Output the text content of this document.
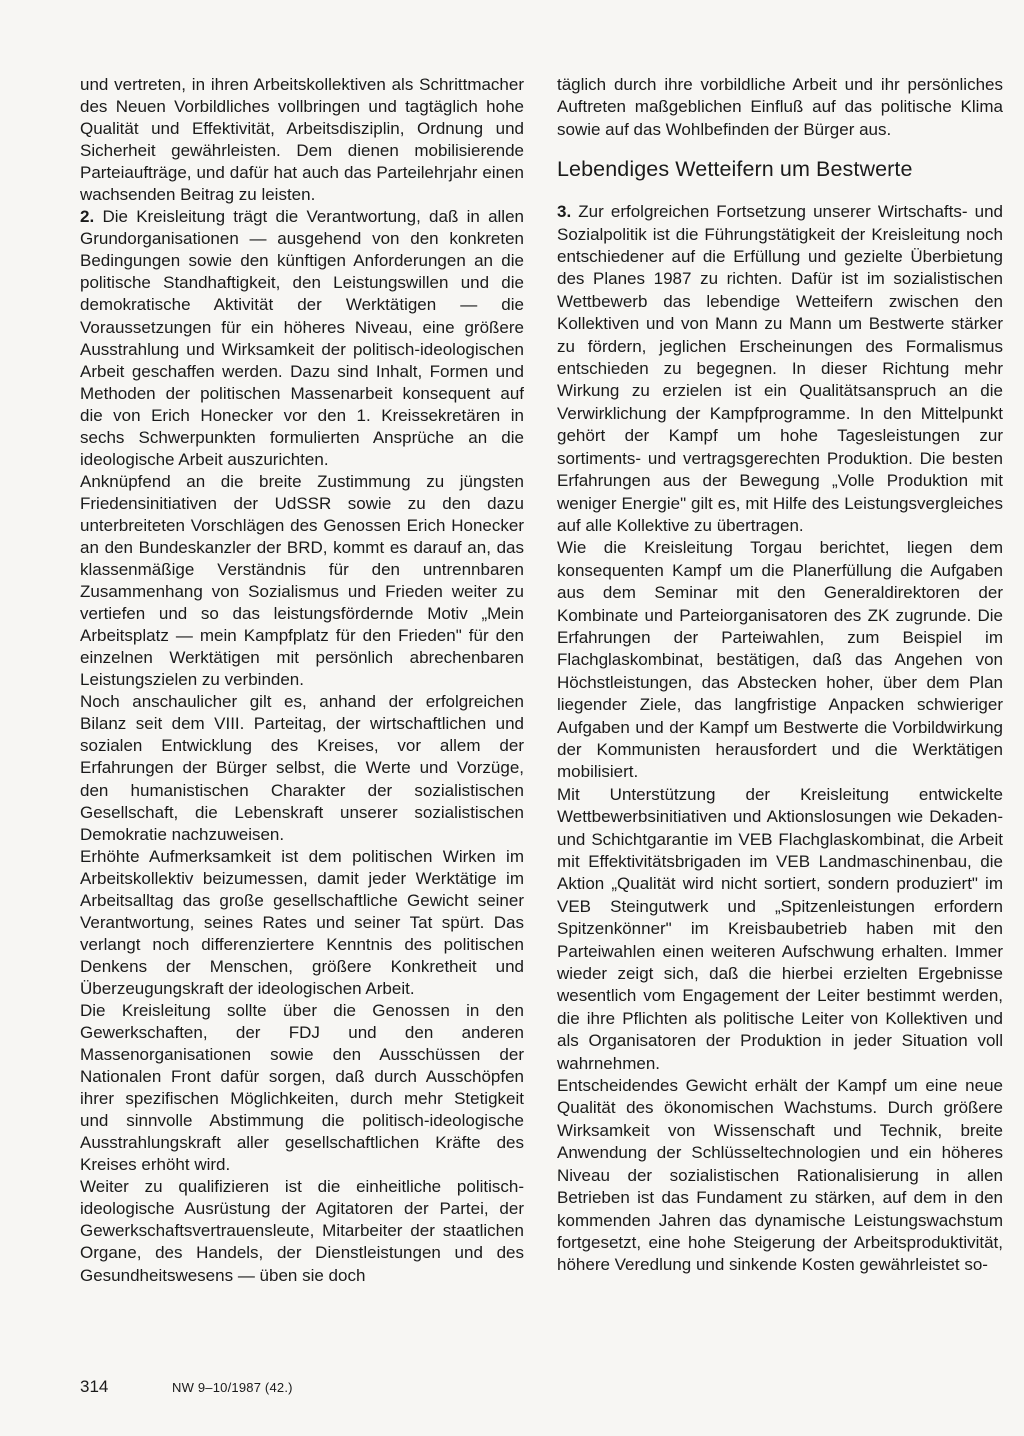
und vertreten, in ihren Arbeitskollektiven als Schrittmacher des Neuen Vorbildliches vollbringen und tagtäglich hohe Qualität und Effektivität, Arbeitsdisziplin, Ordnung und Sicherheit gewährleisten. Dem dienen mobilisierende Parteiaufträge, und dafür hat auch das Parteilehrjahr einen wachsenden Beitrag zu leisten.

2. Die Kreisleitung trägt die Verantwortung, daß in allen Grundorganisationen — ausgehend von den konkreten Bedingungen sowie den künftigen Anforderungen an die politische Standhaftigkeit, den Leistungswillen und die demokratische Aktivität der Werktätigen — die Voraussetzungen für ein höheres Niveau, eine größere Ausstrahlung und Wirksamkeit der politisch-ideologischen Arbeit geschaffen werden. Dazu sind Inhalt, Formen und Methoden der politischen Massenarbeit konsequent auf die von Erich Honecker vor den 1. Kreissekretären in sechs Schwerpunkten formulierten Ansprüche an die ideologische Arbeit auszurichten.

Anknüpfend an die breite Zustimmung zu jüngsten Friedensinitiativen der UdSSR sowie zu den dazu unterbreiteten Vorschlägen des Genossen Erich Honecker an den Bundeskanzler der BRD, kommt es darauf an, das klassenmäßige Verständnis für den untrennbaren Zusammenhang von Sozialismus und Frieden weiter zu vertiefen und so das leistungsfördernde Motiv „Mein Arbeitsplatz — mein Kampfplatz für den Frieden" für den einzelnen Werktätigen mit persönlich abrechenbaren Leistungszielen zu verbinden.

Noch anschaulicher gilt es, anhand der erfolgreichen Bilanz seit dem VIII. Parteitag, der wirtschaftlichen und sozialen Entwicklung des Kreises, vor allem der Erfahrungen der Bürger selbst, die Werte und Vorzüge, den humanistischen Charakter der sozialistischen Gesellschaft, die Lebenskraft unserer sozialistischen Demokratie nachzuweisen.

Erhöhte Aufmerksamkeit ist dem politischen Wirken im Arbeitskollektiv beizumessen, damit jeder Werktätige im Arbeitsalltag das große gesellschaftliche Gewicht seiner Verantwortung, seines Rates und seiner Tat spürt. Das verlangt noch differenziertere Kenntnis des politischen Denkens der Menschen, größere Konkretheit und Überzeugungskraft der ideologischen Arbeit.

Die Kreisleitung sollte über die Genossen in den Gewerkschaften, der FDJ und den anderen Massenorganisationen sowie den Ausschüssen der Nationalen Front dafür sorgen, daß durch Ausschöpfen ihrer spezifischen Möglichkeiten, durch mehr Stetigkeit und sinnvolle Abstimmung die politisch-ideologische Ausstrahlungskraft aller gesellschaftlichen Kräfte des Kreises erhöht wird.

Weiter zu qualifizieren ist die einheitliche politisch-ideologische Ausrüstung der Agitatoren der Partei, der Gewerkschaftsvertrauensleute, Mitarbeiter der staatlichen Organe, des Handels, der Dienstleistungen und des Gesundheitswesens — üben sie doch

täglich durch ihre vorbildliche Arbeit und ihr persönliches Auftreten maßgeblichen Einfluß auf das politische Klima sowie auf das Wohlbefinden der Bürger aus.

Lebendiges Wetteifern um Bestwerte

3. Zur erfolgreichen Fortsetzung unserer Wirtschafts- und Sozialpolitik ist die Führungstätigkeit der Kreisleitung noch entschiedener auf die Erfüllung und gezielte Überbietung des Planes 1987 zu richten. Dafür ist im sozialistischen Wettbewerb das lebendige Wetteifern zwischen den Kollektiven und von Mann zu Mann um Bestwerte stärker zu fördern, jeglichen Erscheinungen des Formalismus entschieden zu begegnen. In dieser Richtung mehr Wirkung zu erzielen ist ein Qualitätsanspruch an die Verwirklichung der Kampfprogramme. In den Mittelpunkt gehört der Kampf um hohe Tagesleistungen zur sortiments- und vertragsgerechten Produktion. Die besten Erfahrungen aus der Bewegung „Volle Produktion mit weniger Energie" gilt es, mit Hilfe des Leistungsvergleiches auf alle Kollektive zu übertragen.

Wie die Kreisleitung Torgau berichtet, liegen dem konsequenten Kampf um die Planerfüllung die Aufgaben aus dem Seminar mit den Generaldirektoren der Kombinate und Parteiorganisatoren des ZK zugrunde. Die Erfahrungen der Parteiwahlen, zum Beispiel im Flachglaskombinat, bestätigen, daß das Angehen von Höchstleistungen, das Abstecken hoher, über dem Plan liegender Ziele, das langfristige Anpacken schwieriger Aufgaben und der Kampf um Bestwerte die Vorbildwirkung der Kommunisten herausfordert und die Werktätigen mobilisiert.

Mit Unterstützung der Kreisleitung entwickelte Wettbewerbsinitiativen und Aktionslosungen wie Dekaden- und Schichtgarantie im VEB Flachglaskombinat, die Arbeit mit Effektivitätsbrigaden im VEB Landmaschinenbau, die Aktion „Qualität wird nicht sortiert, sondern produziert" im VEB Steingutwerk und „Spitzenleistungen erfordern Spitzenkönner" im Kreisbaubetrieb haben mit den Parteiwahlen einen weiteren Aufschwung erhalten. Immer wieder zeigt sich, daß die hierbei erzielten Ergebnisse wesentlich vom Engagement der Leiter bestimmt werden, die ihre Pflichten als politische Leiter von Kollektiven und als Organisatoren der Produktion in jeder Situation voll wahrnehmen.

Entscheidendes Gewicht erhält der Kampf um eine neue Qualität des ökonomischen Wachstums. Durch größere Wirksamkeit von Wissenschaft und Technik, breite Anwendung der Schlüsseltechnologien und ein höheres Niveau der sozialistischen Rationalisierung in allen Betrieben ist das Fundament zu stärken, auf dem in den kommenden Jahren das dynamische Leistungswachstum fortgesetzt, eine hohe Steigerung der Arbeitsproduktivität, höhere Veredlung und sinkende Kosten gewährleistet so-

314	NW 9–10/1987 (42.)
